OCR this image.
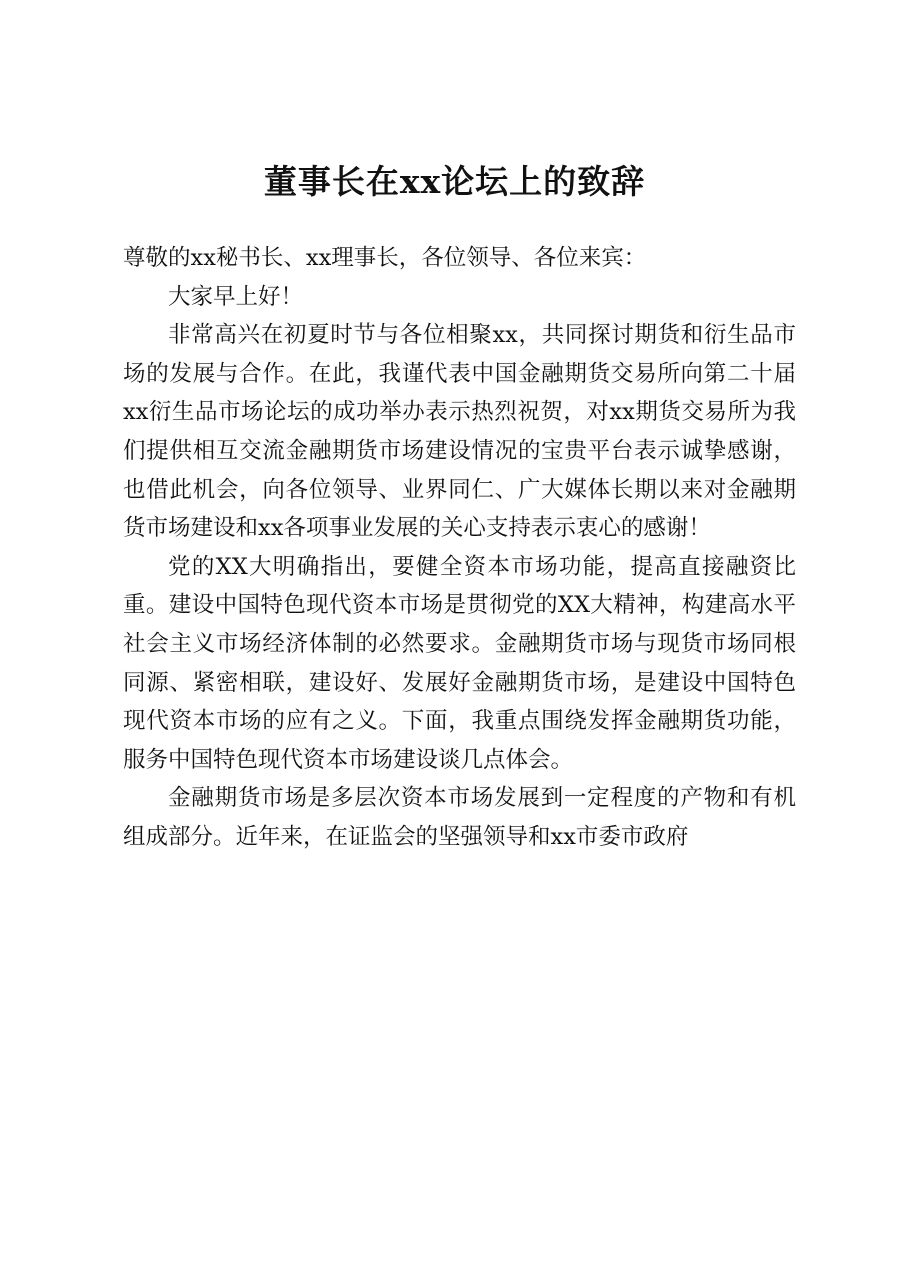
董事长在xx论坛上的致辞

尊敬的xx秘书长、xx理事长，各位领导、各位来宾：

大家早上好！

非常高兴在初夏时节与各位相聚xx，共同探讨期货和衍生品市场的发展与合作。在此，我谨代表中国金融期货交易所向第二十届xx衍生品市场论坛的成功举办表示热烈祝贺，对xx期货交易所为我们提供相互交流金融期货市场建设情况的宝贵平台表示诚挚感谢，也借此机会，向各位领导、业界同仁、广大媒体长期以来对金融期货市场建设和xx各项事业发展的关心支持表示衷心的感谢！

党的XX大明确指出，要健全资本市场功能，提高直接融资比重。建设中国特色现代资本市场是贯彻党的XX大精神，构建高水平社会主义市场经济体制的必然要求。金融期货市场与现货市场同根同源、紧密相联，建设好、发展好金融期货市场，是建设中国特色现代资本市场的应有之义。下面，我重点围绕发挥金融期货功能，服务中国特色现代资本市场建设谈几点体会。

金融期货市场是多层次资本市场发展到一定程度的产物和有机组成部分。近年来，在证监会的坚强领导和xx市委市政府
